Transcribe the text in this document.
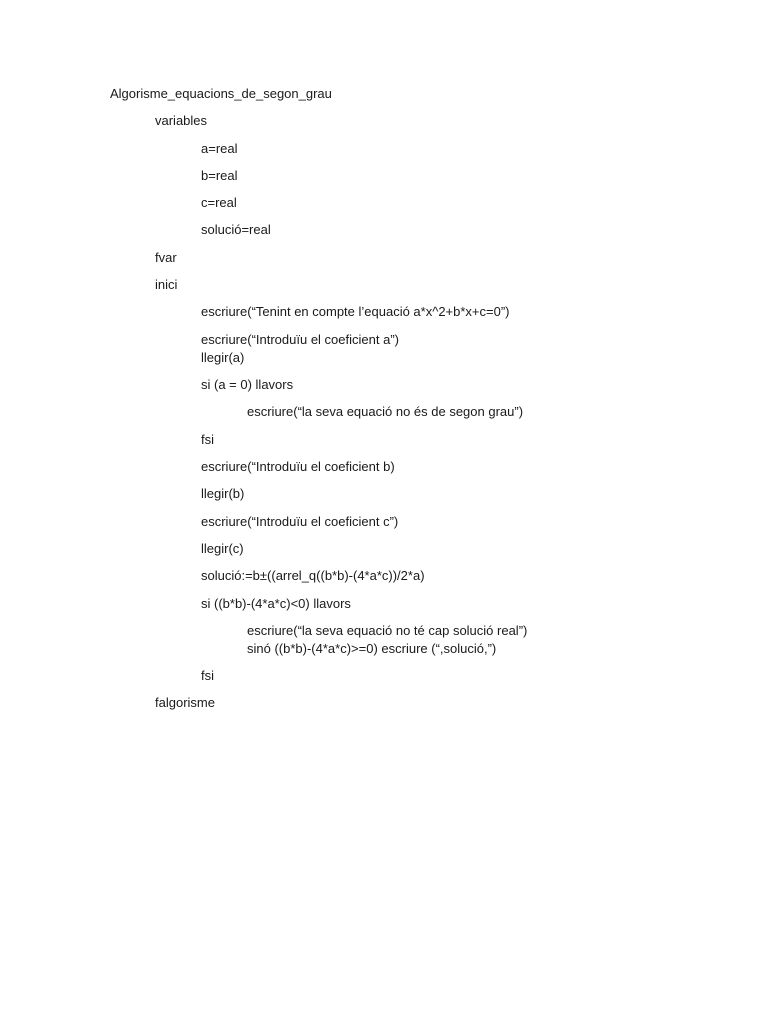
Algorisme_equacions_de_segon_grau
variables
a=real
b=real
c=real
solució=real
fvar
inici
escriure(“Tenint en compte l’equació a*x^2+b*x+c=0”)
escriure(“Introduïu el coeficient a”)
llegir(a)
si (a = 0) llavors
escriure(“la seva equació no és de segon grau”)
fsi
escriure(“Introduïu el coeficient b)
llegir(b)
escriure(“Introduïu el coeficient c”)
llegir(c)
solució:=b±((arrel_q((b*b)-(4*a*c))/2*a)
si ((b*b)-(4*a*c)<0) llavors
escriure(“la seva equació no té cap solució real”)
sinó ((b*b)-(4*a*c)>=0) escriure (“,solució,”)
fsi
falgorisme
